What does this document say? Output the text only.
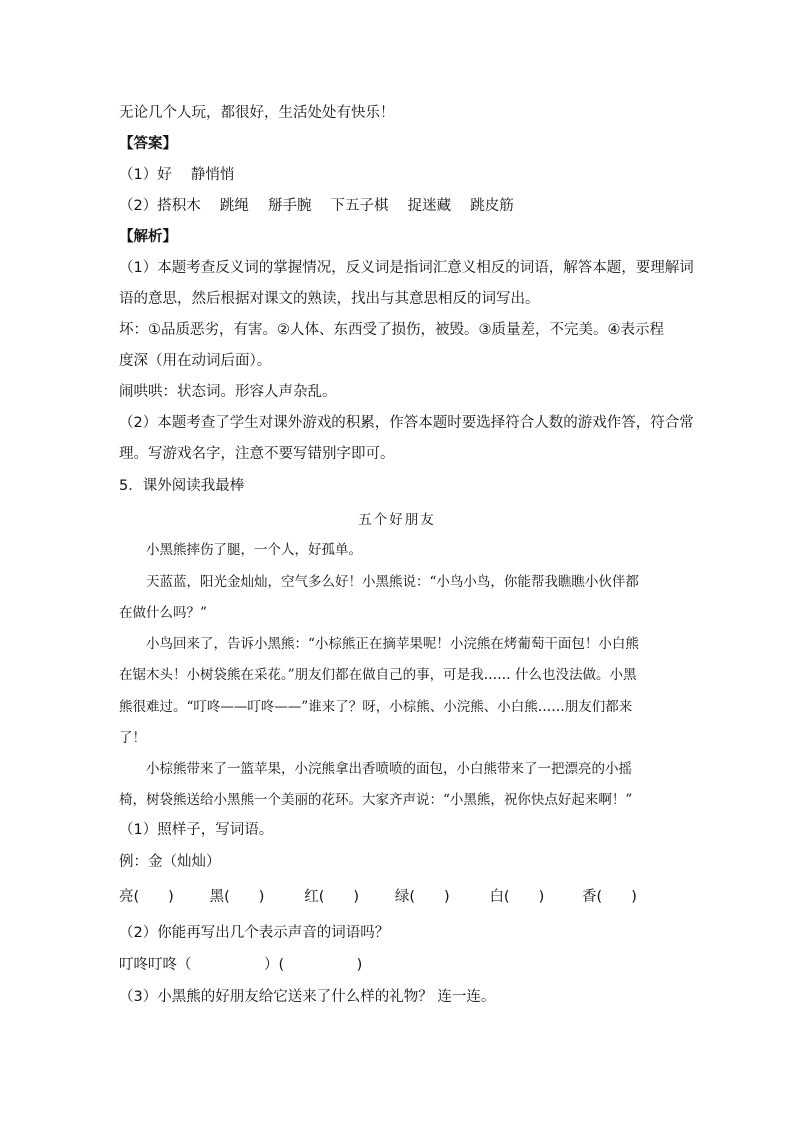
无论几个人玩，都很好，生活处处有快乐！
【答案】
（1）好　 静悄悄
（2）搭积木　 跳绳　 掰手腕　 下五子棋　 捉迷藏　 跳皮筋
【解析】
（1）本题考查反义词的掌握情况，反义词是指词汇意义相反的词语，解答本题，要理解词
语的意思，然后根据对课文的熟读，找出与其意思相反的词写出。
坏：①品质恶劣，有害。②人体、东西受了损伤，被毁。③质量差，不完美。④表示程
度深（用在动词后面）。
闹哄哄：状态词。形容人声杂乱。
（2）本题考查了学生对课外游戏的积累，作答本题时要选择符合人数的游戏作答，符合常
理。写游戏名字，注意不要写错别字即可。
5．课外阅读我最棒
五个好朋友
小黑熊摔伤了腿，一个人，好孤单。
天蓝蓝，阳光金灿灿，空气多么好！小黑熊说：“小鸟小鸟，你能帮我瞧瞧小伙伴都
在做什么吗？”
小鸟回来了，告诉小黑熊：“小棕熊正在摘苹果呢！小浣熊在烤葡萄干面包！小白熊
在锯木头！小树袋熊在采花。”朋友们都在做自己的事，可是我…… 什么也没法做。小黑
熊很难过。“叮咚——叮咚——”谁来了？呀，小棕熊、小浣熊、小白熊……朋友们都来
了！
小棕熊带来了一篮苹果，小浣熊拿出香喷喷的面包，小白熊带来了一把漂亮的小摇
椅，树袋熊送给小黑熊一个美丽的花环。大家齐声说：“小黑熊，祝你快点好起来啊！”
（1）照样子，写词语。
例：金（灿灿）
亮(　　) 黑(　　)	红(　　) 绿(　　)	白(　　)	香(　　)
（2）你能再写出几个表示声音的词语吗？
叮咚叮咚（　　　　　）(　　　　　)
（3）小黑熊的好朋友给它送来了什么样的礼物？ 连一连。
